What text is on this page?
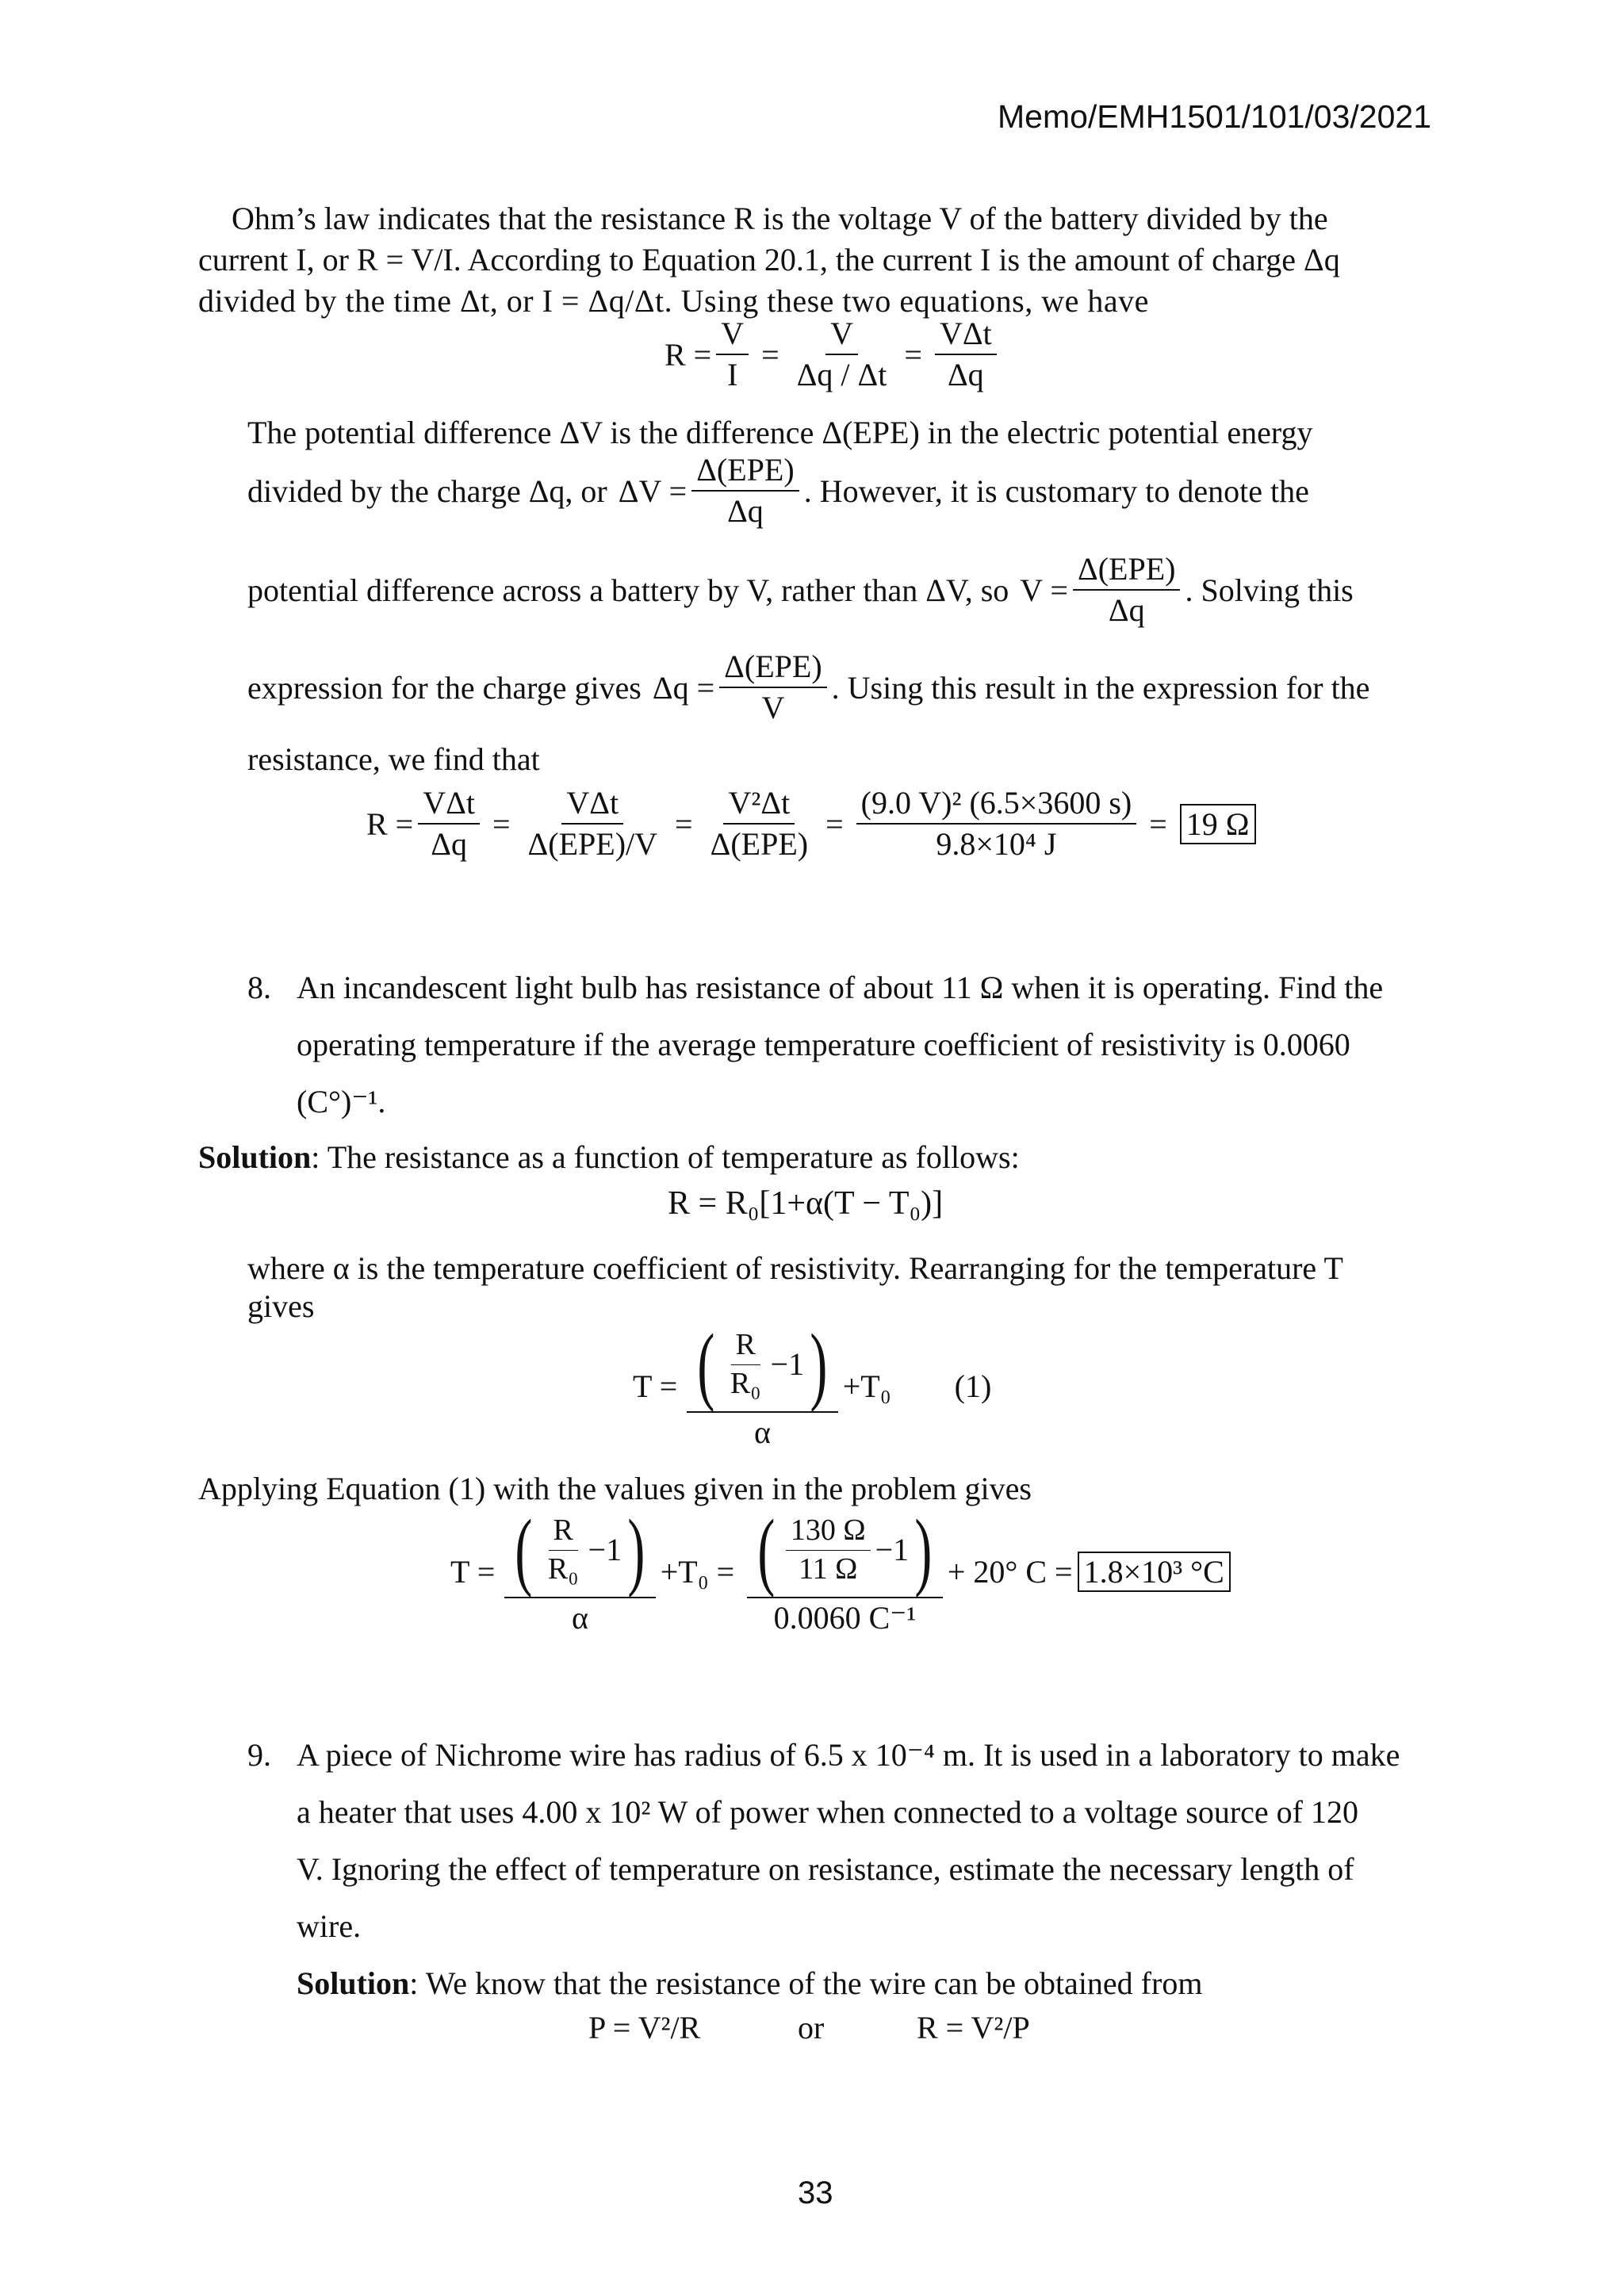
Memo/EMH1501/101/03/2021
Ohm’s law indicates that the resistance R is the voltage V of the battery divided by the
current I, or R = V/I. According to Equation 20.1, the current I is the amount of charge Δq
divided by the time Δt, or I = Δq/Δt. Using these two equations, we have
$R = \frac{V}{I} = \frac{V}{\Delta q / \Delta t} = \frac{\text{VΔt}}{\Delta q}$
The potential difference ΔV is the difference Δ(EPE) in the electric potential energy
divided by the charge Δq, or $\Delta V = \frac{\text{Δ(EPE)}}{\Delta q}$ . However, it is customary to denote the
potential difference across a battery by V, rather than ΔV, so $V = \frac{\text{Δ(EPE)}}{\Delta q}$ . Solving this
expression for the charge gives $\Delta q = \frac{\text{Δ(EPE)}}{V}$ . Using this result in the expression for the
resistance, we find that
$R = \frac{\text{VΔt}}{\Delta q} = \frac{\text{VΔt}}{\text{Δ(EPE)/V}} = \frac{\text{V²Δt}}{\text{Δ(EPE)}} = \frac{\text{(9.0 V)² (6.5×3600 s)}}{\text{9.8×10⁴ J}} = 19$ Ω
8. An incandescent light bulb has resistance of about 11 Ω when it is operating. Find the
operating temperature if the average temperature coefficient of resistivity is 0.0060
(C°)⁻¹.
Solution: The resistance as a function of temperature as follows:
R = R₀[1+α(T − T₀)]
where α is the temperature coefficient of resistivity. Rearranging for the temperature T
gives
$T = \frac{( \frac{R}{\text{R₀}} -1 )}{\alpha} +T_0$ (1)
Applying Equation (1) with the values given in the problem gives
$T = \frac{( \frac{R}{\text{R₀}} -1 )}{\alpha} +T_0 = \frac{( \frac{130 \Omega}{11 \Omega} -1 )}{\text{0.0060 C⁻¹}} + 20^\circ$ C = 1.8×10³ °C
9. A piece of Nichrome wire has radius of 6.5 x 10⁻⁴ m. It is used in a laboratory to make
a heater that uses 4.00 x 10² W of power when connected to a voltage source of 120
V. Ignoring the effect of temperature on resistance, estimate the necessary length of
wire.
Solution: We know that the resistance of the wire can be obtained from
P = V²/R	or	R = V²/P
33
